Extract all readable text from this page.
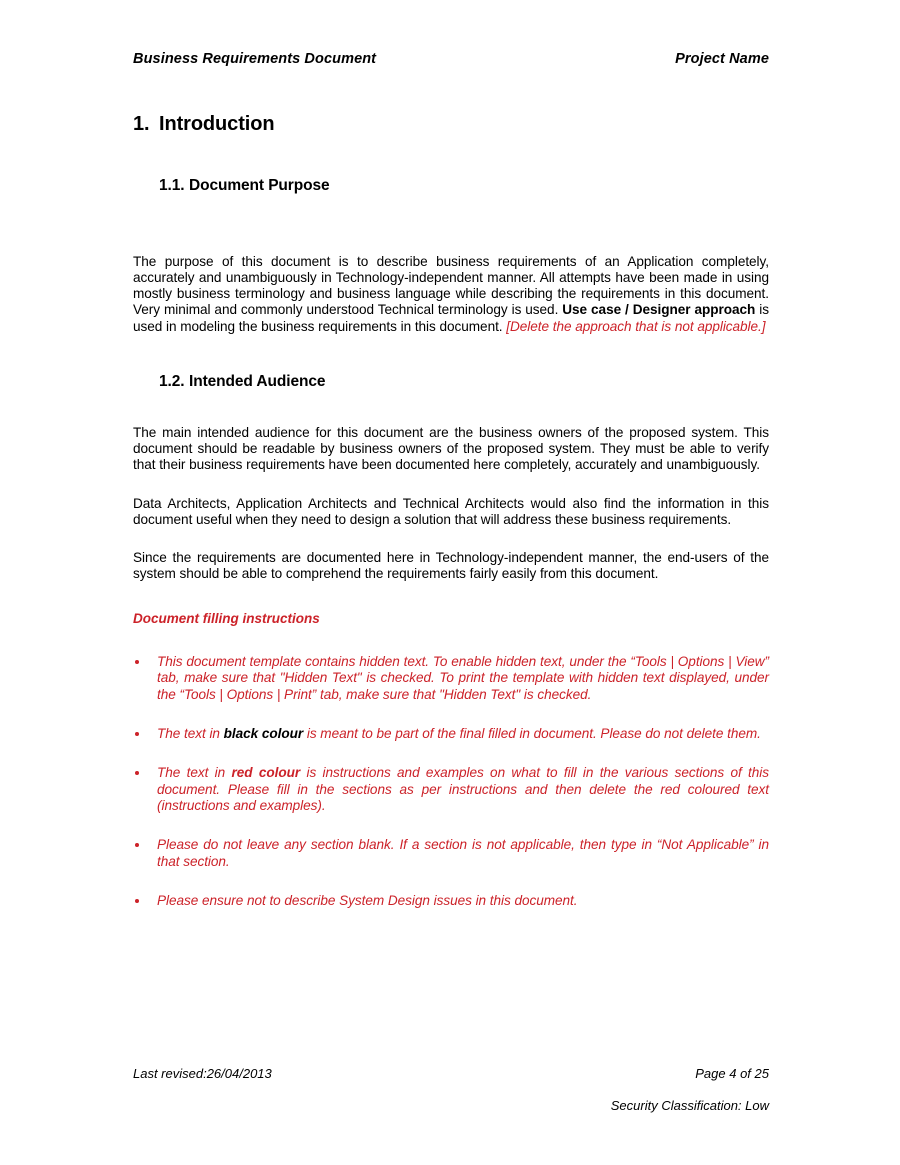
Business Requirements Document	Project Name
1. Introduction
1.1. Document Purpose

The purpose of this document is to describe business requirements of an Application completely, accurately and unambiguously in Technology-independent manner. All attempts have been made in using mostly business terminology and business language while describing the requirements in this document. Very minimal and commonly understood Technical terminology is used. Use case / Designer approach is used in modeling the business requirements in this document. [Delete the approach that is not applicable.]

1.2. Intended Audience

The main intended audience for this document are the business owners of the proposed system. This document should be readable by business owners of the proposed system. They must be able to verify that their business requirements have been documented here completely, accurately and unambiguously.

Data Architects, Application Architects and Technical Architects would also find the information in this document useful when they need to design a solution that will address these business requirements.

Since the requirements are documented here in Technology-independent manner, the end-users of the system should be able to comprehend the requirements fairly easily from this document.

Document filling instructions
This document template contains hidden text. To enable hidden text, under the “Tools | Options | View” tab, make sure that "Hidden Text" is checked. To print the template with hidden text displayed, under the “Tools | Options | Print” tab, make sure that "Hidden Text" is checked.
The text in black colour is meant to be part of the final filled in document. Please do not delete them.
The text in red colour is instructions and examples on what to fill in the various sections of this document. Please fill in the sections as per instructions and then delete the red coloured text (instructions and examples).
Please do not leave any section blank. If a section is not applicable, then type in “Not Applicable” in that section.
Please ensure not to describe System Design issues in this document.
Last revised:26/04/2013	Page 4 of 25
Security Classification: Low
